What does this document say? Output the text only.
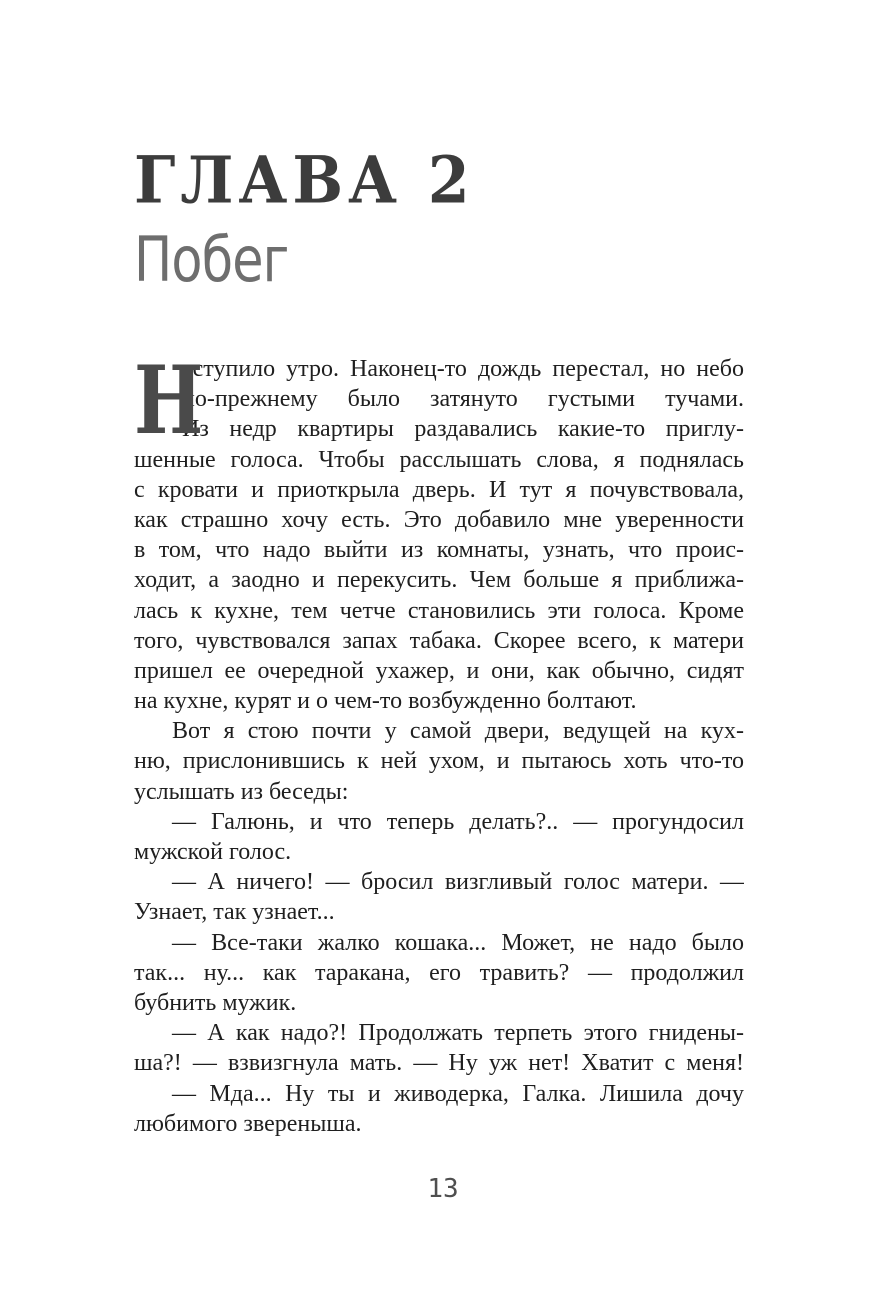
ГЛАВА 2
Побег
Н
аступило утро. Наконец-то дождь перестал, но небо
по-прежнему было затянуто густыми тучами.
Из недр квартиры раздавались какие-то приглу-
шенные голоса. Чтобы расслышать слова, я поднялась
с кровати и приоткрыла дверь. И тут я почувствовала,
как страшно хочу есть. Это добавило мне уверенности
в том, что надо выйти из комнаты, узнать, что проис-
ходит, а заодно и перекусить. Чем больше я приближа-
лась к кухне, тем четче становились эти голоса. Кроме
того, чувствовался запах табака. Скорее всего, к матери
пришел ее очередной ухажер, и они, как обычно, сидят
на кухне, курят и о чем-то возбужденно болтают.
Вот я стою почти у самой двери, ведущей на кух-
ню, прислонившись к ней ухом, и пытаюсь хоть что-то
услышать из беседы:
— Галюнь, и что теперь делать?.. — прогундосил
мужской голос.
— А ничего! — бросил визгливый голос матери. —
Узнает, так узнает...
— Все-таки жалко кошака... Может, не надо было
так... ну... как таракана, его травить? — продолжил
бубнить мужик.
— А как надо?! Продолжать терпеть этого гнидены-
ша?! — взвизгнула мать. — Ну уж нет! Хватит с меня!
— Мда... Ну ты и живодерка, Галка. Лишила дочу
любимого звереныша.
13
